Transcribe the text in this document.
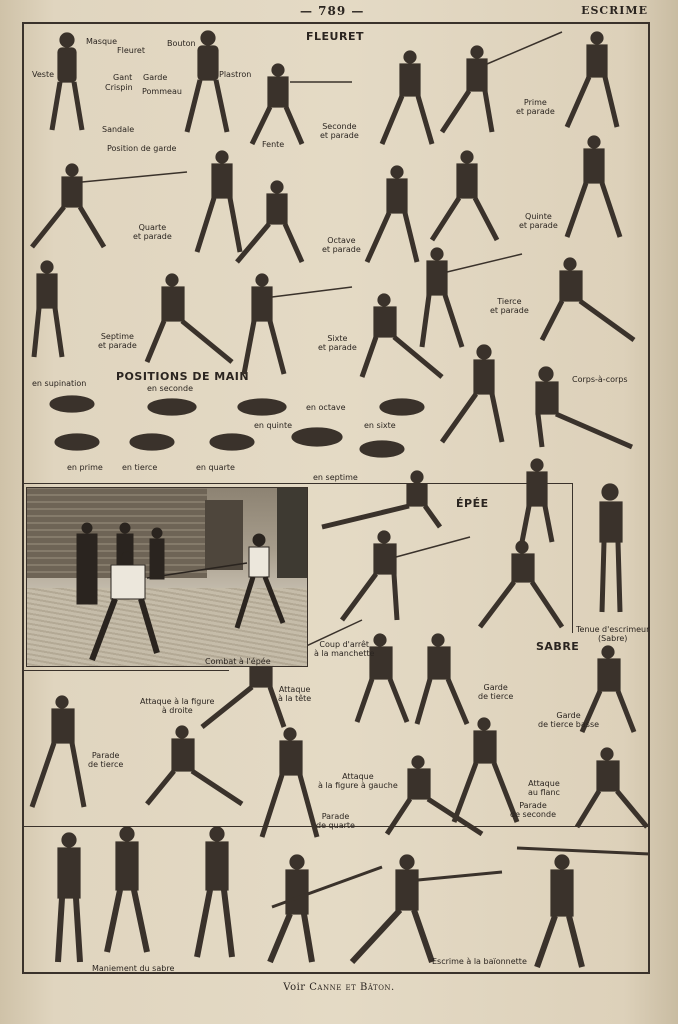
— 789 —	ESCRIME
FLEURET
POSITIONS DE MAIN
ÉPÉE
SABRE
Masque
Fleuret
Bouton
Veste	Gant
Crispin
Garde
Pommeau
Plastron
Sandale
Position de garde	Fente
Seconde
et parade
Prime
et parade
Quarte
et parade	Octave
et parade
Quinte
et parade
Septime
et parade
Sixte
et parade
Tierce
et parade
en supination
en seconde
en octave
en quinte	en sixte
en prime en tierce	en quarte
en septime
Corps-à-corps
Combat à l'épée
Tenue d'escrimeur
(Sabre)
Attaque à la figure
à droite
Attaque
à la tête
Coup d'arrêt
à la manchette
Garde
de tierce
Garde
de tierce basse
Parade
de tierce
Attaque
à la figure à gauche
Parade
de quarte
Attaque
au flanc
Parade
de seconde
Maniement du sabre
Escrime à la baïonnette
Voir Canne et Bâton.
